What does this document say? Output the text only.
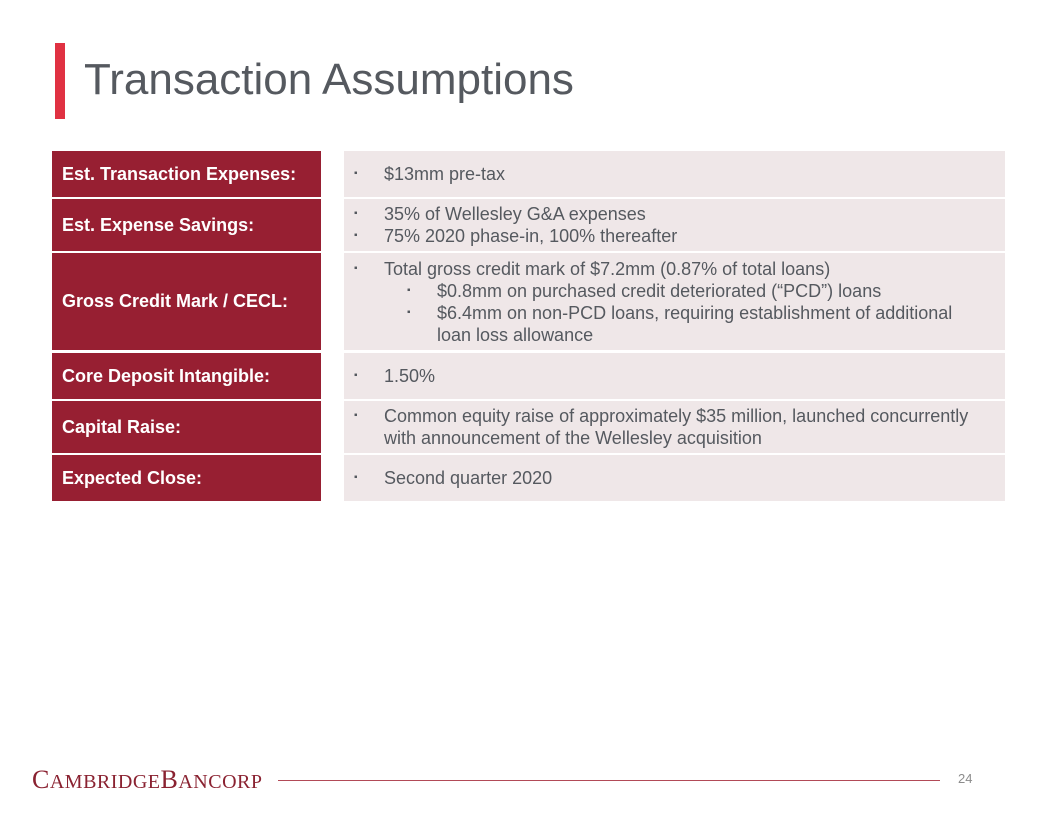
Transaction Assumptions
Est. Transaction Expenses:	▪	$13mm pre-tax
Est. Expense Savings:
▪	35% of Wellesley G&A expenses
▪	75% 2020 phase-in, 100% thereafter
Gross Credit Mark / CECL:
▪	Total gross credit mark of $7.2mm (0.87% of total loans)
▪	$0.8mm on purchased credit deteriorated (“PCD”) loans
▪	$6.4mm on non-PCD loans, requiring establishment of additional
loan loss allowance
Core Deposit Intangible:	▪	1.50%
Capital Raise:
▪	Common equity raise of approximately $35 million, launched concurrently
with announcement of the Wellesley acquisition
Expected Close:	▪	Second quarter 2020
CAMBRIDGEBANCORP	24
